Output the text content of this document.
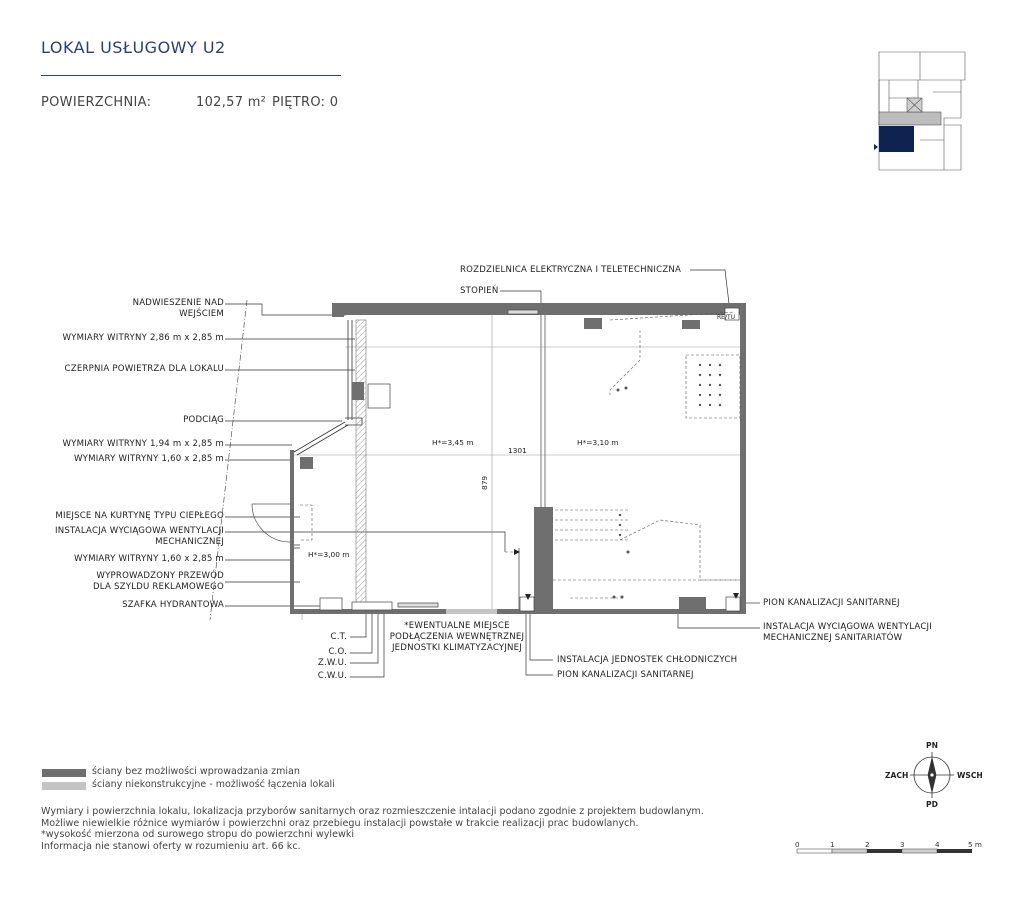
LOKAL USŁUGOWY U2
POWIERZCHNIA:	102,57 m² PIĘTRO: 0
NADWIESZENIE NAD
WEJŚCIEM
WYMIARY WITRYNY 2,86 m x 2,85 m
CZERPNIA POWIETRZA DLA LOKALU
PODCIĄG
WYMIARY WITRYNY 1,94 m x 2,85 m
WYMIARY WITRYNY 1,60 x 2,85 m
MIEJSCE NA KURTYNĘ TYPU CIEPŁEGO
INSTALACJA WYCIĄGOWA WENTYLACJI
MECHANICZNEJ
WYMIARY WITRYNY 1,60 x 2,85 m
WYPROWADZONY PRZEWÓD
DLA SZYLDU REKLAMOWEGO
SZAFKA HYDRANTOWA
ROZDZIELNICA ELEKTRYCZNA I TELETECHNICZNA
STOPIEŃ
PION KANALIZACJI SANITARNEJ
INSTALACJA WYCIĄGOWA WENTYLACJI
MECHANICZNEJ SANITARIATÓW
C.T.
C.O.
Z.W.U.
C.W.U.
*EWENTUALNE MIEJSCE
PODŁĄCZENIA WEWNĘTRZNEJ
JEDNOSTKI KLIMATYZACYJNEJ
INSTALACJA JEDNOSTEK CHŁODNICZYCH
PION KANALIZACJI SANITARNEJ
H*=3,45 m	H*=3,10 m
H*=3,00 m
1301
879
RE/TU
ściany bez możliwości wprowadzania zmian
ściany niekonstrukcyjne - możliwość łączenia lokali
Wymiary i powierzchnia lokalu, lokalizacja przyborów sanitarnych oraz rozmieszczenie intalacji podano zgodnie z projektem budowlanym.
Możliwe niewielkie różnice wymiarów i powierzchni oraz przebiegu instalacji powstałe w trakcie realizacji prac budowlanych.
*wysokość mierzona od surowego stropu do powierzchni wylewki
Informacja nie stanowi oferty w rozumieniu art. 66 kc.
PN
PD
ZACH	WSCH
0	1	2	3	4	5 m
